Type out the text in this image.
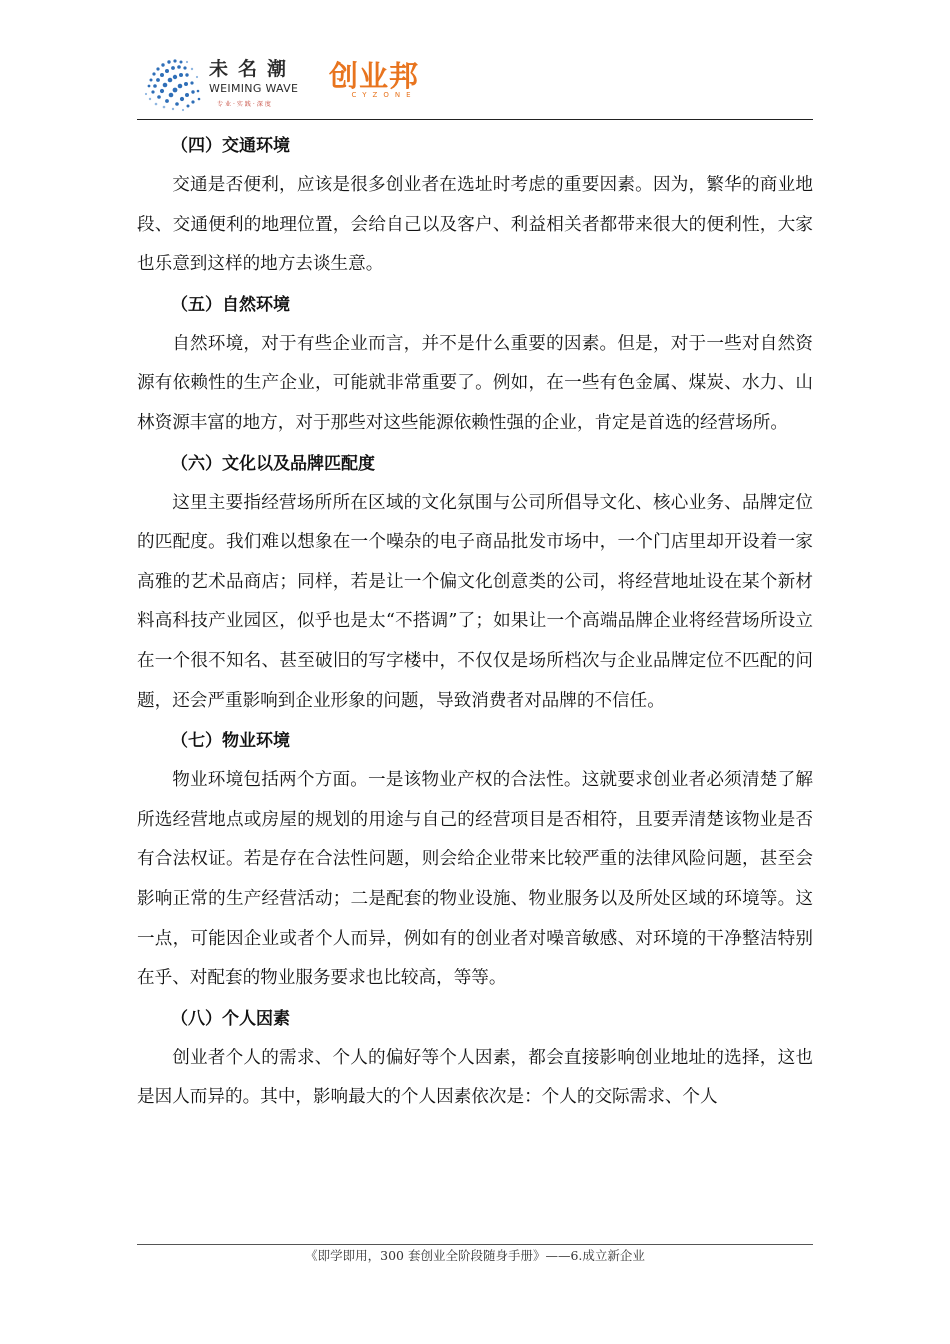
未名潮
WEIMING WAVE
专业·实践·深度
创业邦
CYZONE
（四）交通环境

交通是否便利，应该是很多创业者在选址时考虑的重要因素。因为，繁华的商业地段、交通便利的地理位置，会给自己以及客户、利益相关者都带来很大的便利性，大家也乐意到这样的地方去谈生意。

（五）自然环境

自然环境，对于有些企业而言，并不是什么重要的因素。但是，对于一些对自然资源有依赖性的生产企业，可能就非常重要了。例如，在一些有色金属、煤炭、水力、山林资源丰富的地方，对于那些对这些能源依赖性强的企业，肯定是首选的经营场所。

（六）文化以及品牌匹配度

这里主要指经营场所所在区域的文化氛围与公司所倡导文化、核心业务、品牌定位的匹配度。我们难以想象在一个噪杂的电子商品批发市场中，一个门店里却开设着一家高雅的艺术品商店；同样，若是让一个偏文化创意类的公司，将经营地址设在某个新材料高科技产业园区，似乎也是太“不搭调”了；如果让一个高端品牌企业将经营场所设立在一个很不知名、甚至破旧的写字楼中，不仅仅是场所档次与企业品牌定位不匹配的问题，还会严重影响到企业形象的问题，导致消费者对品牌的不信任。

（七）物业环境

物业环境包括两个方面。一是该物业产权的合法性。这就要求创业者必须清楚了解所选经营地点或房屋的规划的用途与自己的经营项目是否相符，且要弄清楚该物业是否有合法权证。若是存在合法性问题，则会给企业带来比较严重的法律风险问题，甚至会影响正常的生产经营活动；二是配套的物业设施、物业服务以及所处区域的环境等。这一点，可能因企业或者个人而异，例如有的创业者对噪音敏感、对环境的干净整洁特别在乎、对配套的物业服务要求也比较高，等等。

（八）个人因素

创业者个人的需求、个人的偏好等个人因素，都会直接影响创业地址的选择，这也是因人而异的。其中，影响最大的个人因素依次是：个人的交际需求、个人

《即学即用，300 套创业全阶段随身手册》——6.成立新企业
